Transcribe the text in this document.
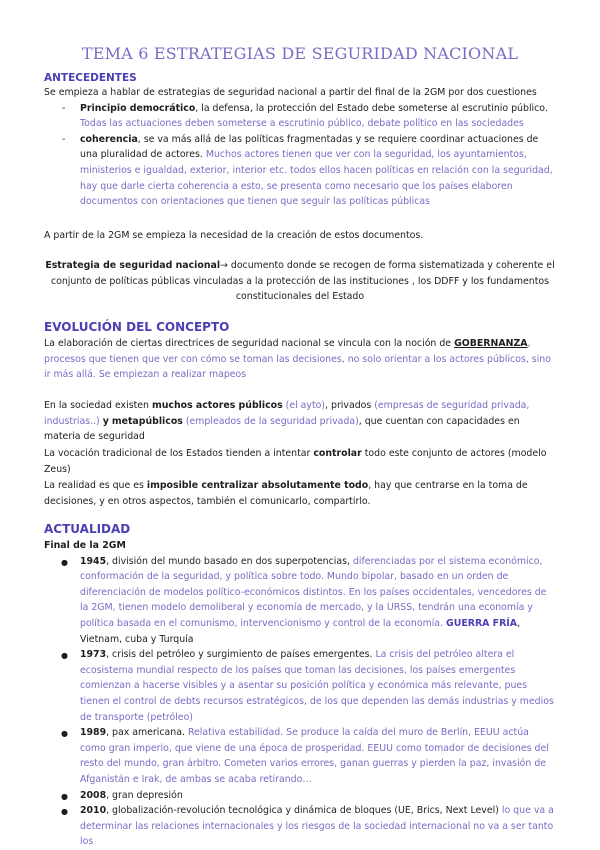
TEMA 6 ESTRATEGIAS DE SEGURIDAD NACIONAL
ANTECEDENTES
Se empieza a hablar de estrategias de seguridad nacional a partir del final de la 2GM por dos cuestiones
- Principio democrático, la defensa, la protección del Estado debe someterse al escrutinio público. Todas las actuaciones deben someterse a escrutinio público, debate político en las sociedades
- coherencia, se va más allá de las políticas fragmentadas y se requiere coordinar actuaciones de una pluralidad de actores. Muchos actores tienen que ver con la seguridad, los ayuntamientos, ministerios e igualdad, exterior, interior etc. todos ellos hacen políticas en relación con la seguridad, hay que darle cierta coherencia a esto, se presenta como necesario que los países elaboren documentos con orientaciones que tienen que seguir las políticas públicas
A partir de la 2GM se empieza la necesidad de la creación de estos documentos.
Estrategia de seguridad nacional→ documento donde se recogen de forma sistematizada y coherente el conjunto de políticas públicas vinculadas a la protección de las instituciones , los DDFF y los fundamentos constitucionales del Estado
EVOLUCIÓN DEL CONCEPTO
La elaboración de ciertas directrices de seguridad nacional se vincula con la noción de GOBERNANZA, procesos que tienen que ver con cómo se toman las decisiones, no solo orientar a los actores públicos, sino ir más allá. Se empiezan a realizar mapeos
En la sociedad existen muchos actores públicos (el ayto), privados (empresas de seguridad privada, industrias..) y metapúblicos (empleados de la seguridad privada), que cuentan con capacidades en materia de seguridad
La vocación tradicional de los Estados tienden a intentar controlar todo este conjunto de actores (modelo Zeus)
La realidad es que es imposible centralizar absolutamente todo, hay que centrarse en la toma de decisiones, y en otros aspectos, también el comunicarlo, compartirlo.
ACTUALIDAD
Final de la 2GM
● 1945, división del mundo basado en dos superpotencias, diferenciadas por el sistema económico, conformación de la seguridad, y política sobre todo. Mundo bipolar, basado en un orden de diferenciación de modelos político-económicos distintos. En los países occidentales, vencedores de la 2GM, tienen modelo demoliberal y economía de mercado, y la URSS, tendrán una economía y política basada en el comunismo, intervencionismo y control de la economía. GUERRA FRÍA, Vietnam, cuba y Turquía
● 1973, crisis del petróleo y surgimiento de países emergentes. La crisis del petróleo altera el ecosistema mundial respecto de los países que toman las decisiones, los países emergentes comienzan a hacerse visibles y a asentar su posición política y económica más relevante, pues tienen el control de debts recursos estratégicos, de los que dependen las demás industrias y medios de transporte (petróleo)
● 1989, pax americana. Relativa estabilidad. Se produce la caída del muro de Berlín, EEUU actúa como gran imperio, que viene de una época de prosperidad. EEUU como tomador de decisiones del resto del mundo, gran árbitro. Cometen varios errores, ganan guerras y pierden la paz, invasión de Afganistán e Irak, de ambas se acaba retirando…
● 2008, gran depresión
● 2010, globalización-revolución tecnológica y dinámica de bloques (UE, Brics, Next Level) lo que va a determinar las relaciones internacionales y los riesgos de la sociedad internacional no va a ser tanto los
